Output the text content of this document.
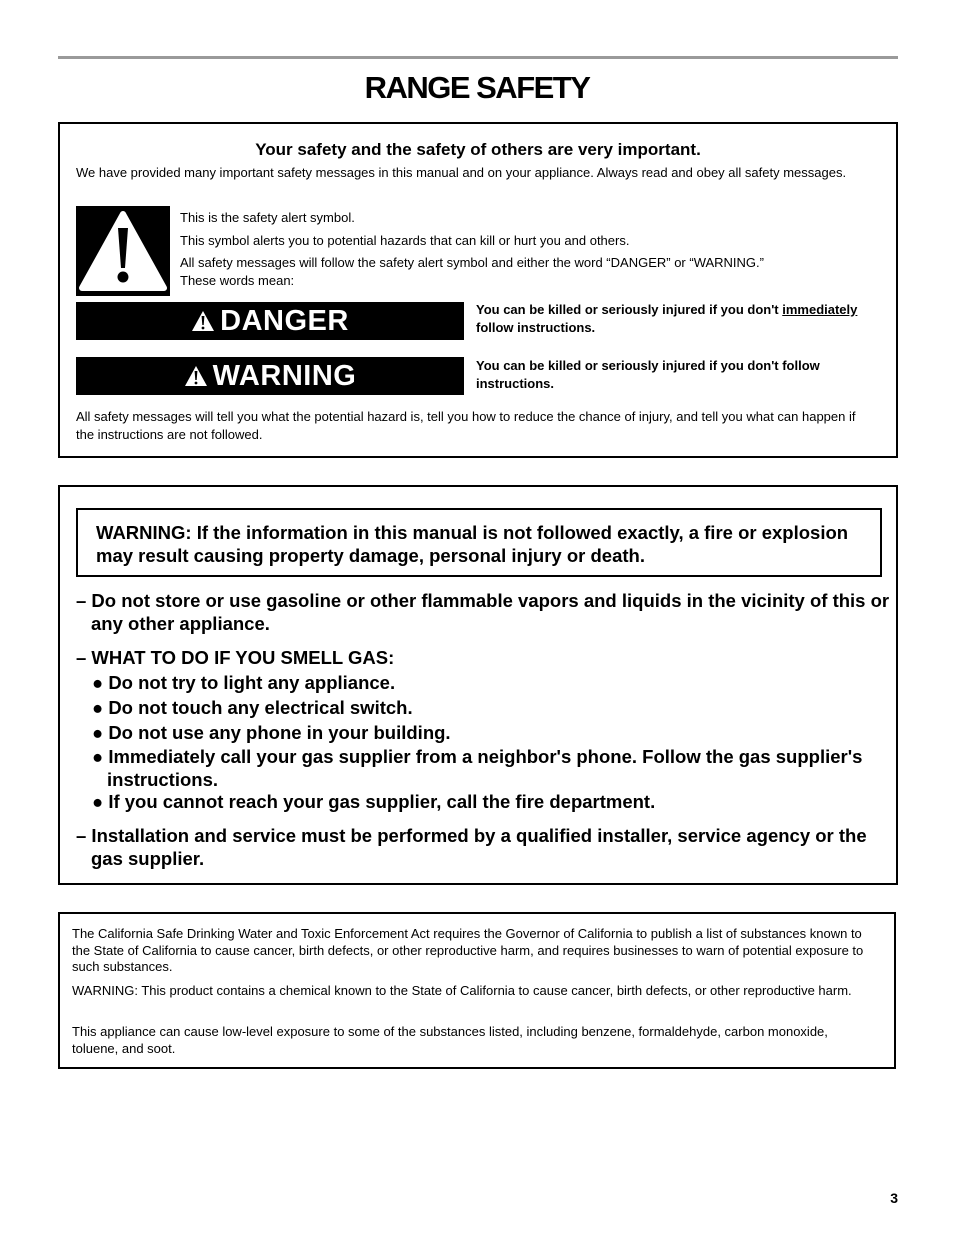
RANGE SAFETY
Your safety and the safety of others are very important.
We have provided many important safety messages in this manual and on your appliance. Always read and obey all safety messages.
This is the safety alert symbol.
This symbol alerts you to potential hazards that can kill or hurt you and others.
All safety messages will follow the safety alert symbol and either the word “DANGER” or “WARNING.”
These words mean:
DANGER	You can be killed or seriously injured if you don't immediately follow instructions.
WARNING	You can be killed or seriously injured if you don't follow instructions.
All safety messages will tell you what the potential hazard is, tell you how to reduce the chance of injury, and tell you what can happen if the instructions are not followed.
WARNING: If the information in this manual is not followed exactly, a fire or explosion may result causing property damage, personal injury or death.
– Do not store or use gasoline or other flammable vapors and liquids in the vicinity of this or any other appliance.
– WHAT TO DO IF YOU SMELL GAS:
● Do not try to light any appliance.
● Do not touch any electrical switch.
● Do not use any phone in your building.
● Immediately call your gas supplier from a neighbor's phone. Follow the gas supplier's instructions.
● If you cannot reach your gas supplier, call the fire department.
– Installation and service must be performed by a qualified installer, service agency or the gas supplier.
The California Safe Drinking Water and Toxic Enforcement Act requires the Governor of California to publish a list of substances known to the State of California to cause cancer, birth defects, or other reproductive harm, and requires businesses to warn of potential exposure to such substances.
WARNING: This product contains a chemical known to the State of California to cause cancer, birth defects, or other reproductive harm.
This appliance can cause low-level exposure to some of the substances listed, including benzene, formaldehyde, carbon monoxide, toluene, and soot.
3
